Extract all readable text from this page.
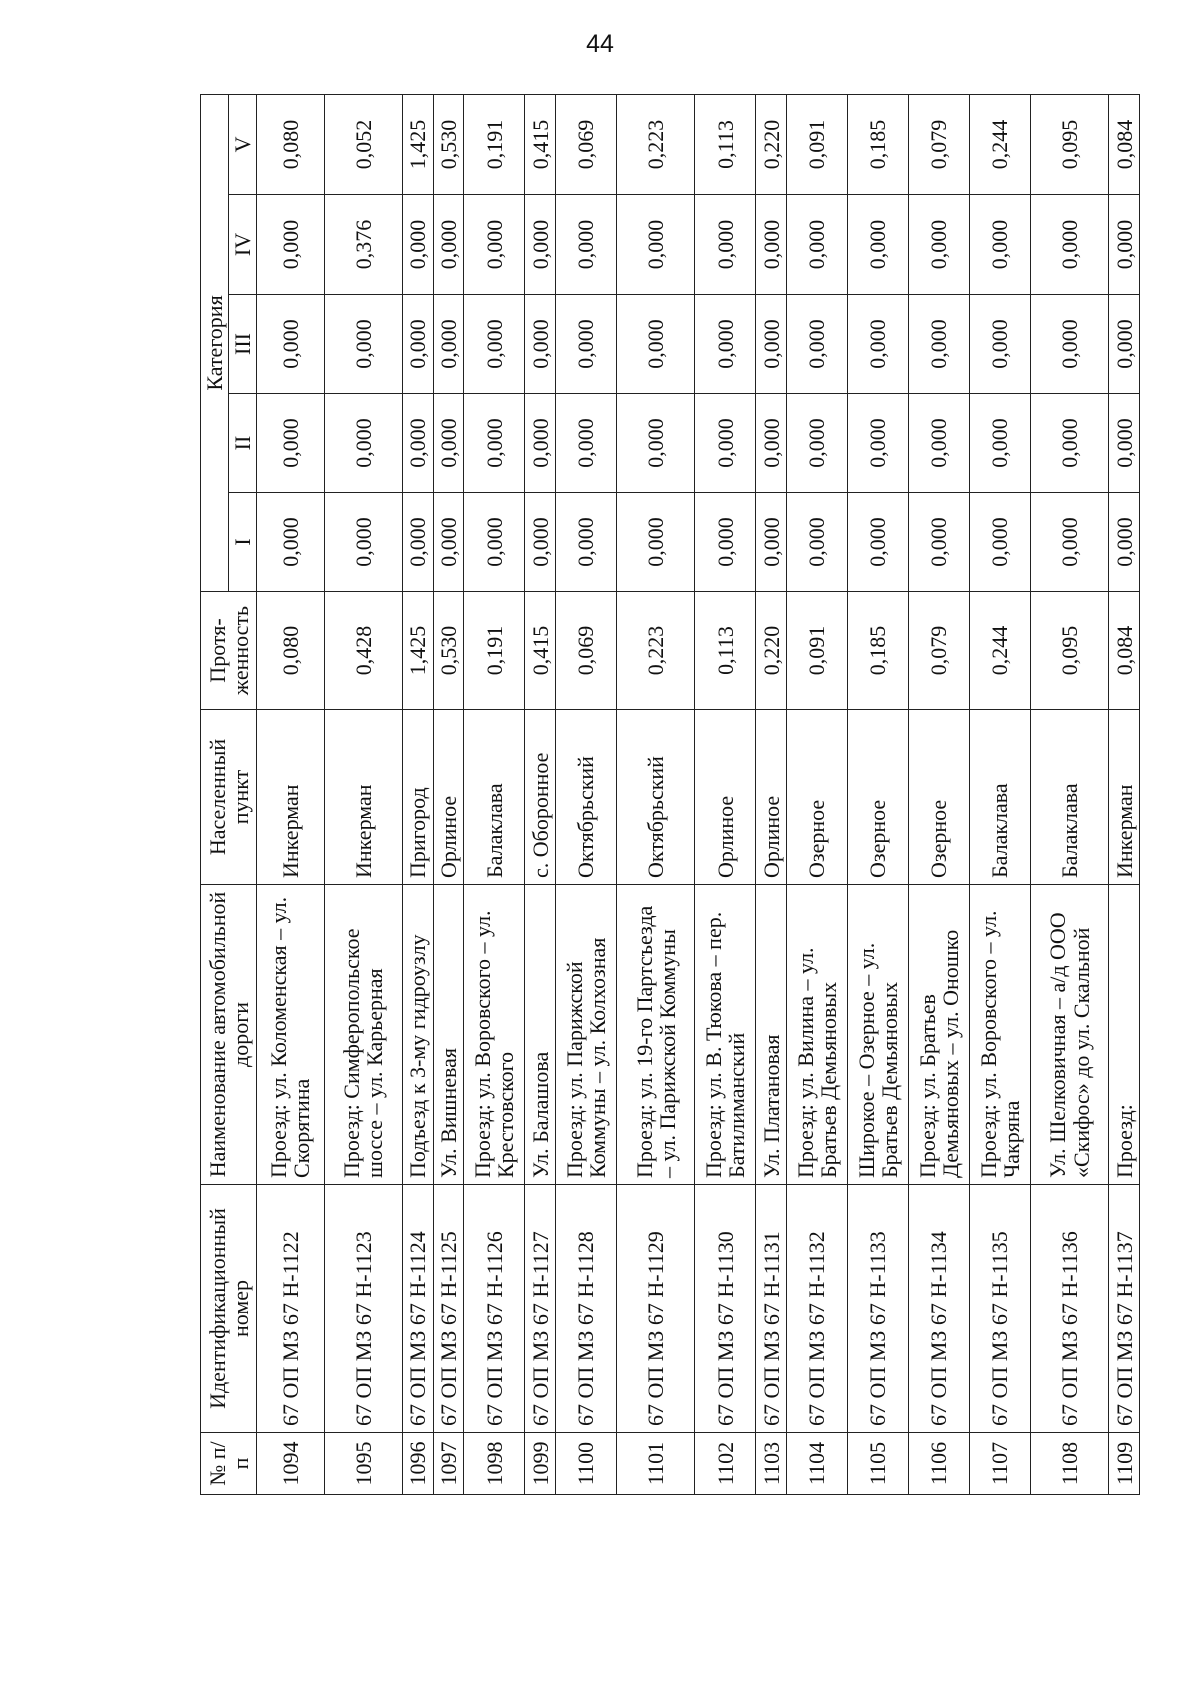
44
№ п/п	Идентификационный номер	Наименование автомобильной дороги	Населенный пункт	Протя-женность	Категория				
					I	II	III	IV	V
1094	67 ОП МЗ 67 Н-1122	Проезд: ул. Коломенская – ул. Скорятина	Инкерман	0,080	0,000	0,000	0,000	0,000	0,080
1095	67 ОП МЗ 67 Н-1123	Проезд: Симферопольское шоссе – ул. Карьерная	Инкерман	0,428	0,000	0,000	0,000	0,376	0,052
1096	67 ОП МЗ 67 Н-1124	Подъезд к 3-му гидроузлу	Пригород	1,425	0,000	0,000	0,000	0,000	1,425
1097	67 ОП МЗ 67 Н-1125	Ул. Вишневая	Орлиное	0,530	0,000	0,000	0,000	0,000	0,530
1098	67 ОП МЗ 67 Н-1126	Проезд: ул. Воровского – ул. Крестовского	Балаклава	0,191	0,000	0,000	0,000	0,000	0,191
1099	67 ОП МЗ 67 Н-1127	Ул. Балашова	с. Оборонное	0,415	0,000	0,000	0,000	0,000	0,415
1100	67 ОП МЗ 67 Н-1128	Проезд: ул. Парижской Коммуны – ул. Колхозная	Октябрьский	0,069	0,000	0,000	0,000	0,000	0,069
1101	67 ОП МЗ 67 Н-1129	Проезд: ул. 19-го Партсъезда – ул. Парижской Коммуны	Октябрьский	0,223	0,000	0,000	0,000	0,000	0,223
1102	67 ОП МЗ 67 Н-1130	Проезд: ул. В. Тюкова – пер. Батилиманский	Орлиное	0,113	0,000	0,000	0,000	0,000	0,113
1103	67 ОП МЗ 67 Н-1131	Ул. Платановая	Орлиное	0,220	0,000	0,000	0,000	0,000	0,220
1104	67 ОП МЗ 67 Н-1132	Проезд: ул. Вилина – ул. Братьев Демьяновых	Озерное	0,091	0,000	0,000	0,000	0,000	0,091
1105	67 ОП МЗ 67 Н-1133	Широкое – Озерное – ул. Братьев Демьяновых	Озерное	0,185	0,000	0,000	0,000	0,000	0,185
1106	67 ОП МЗ 67 Н-1134	Проезд: ул. Братьев Демьяновых – ул. Оношко	Озерное	0,079	0,000	0,000	0,000	0,000	0,079
1107	67 ОП МЗ 67 Н-1135	Проезд: ул. Воровского – ул. Чакряна	Балаклава	0,244	0,000	0,000	0,000	0,000	0,244
1108	67 ОП МЗ 67 Н-1136	Ул. Шелковичная – а/д ООО «Скифос» до ул. Скальной	Балаклава	0,095	0,000	0,000	0,000	0,000	0,095
1109	67 ОП МЗ 67 Н-1137	Проезд:	Инкерман	0,084	0,000	0,000	0,000	0,000	0,084
